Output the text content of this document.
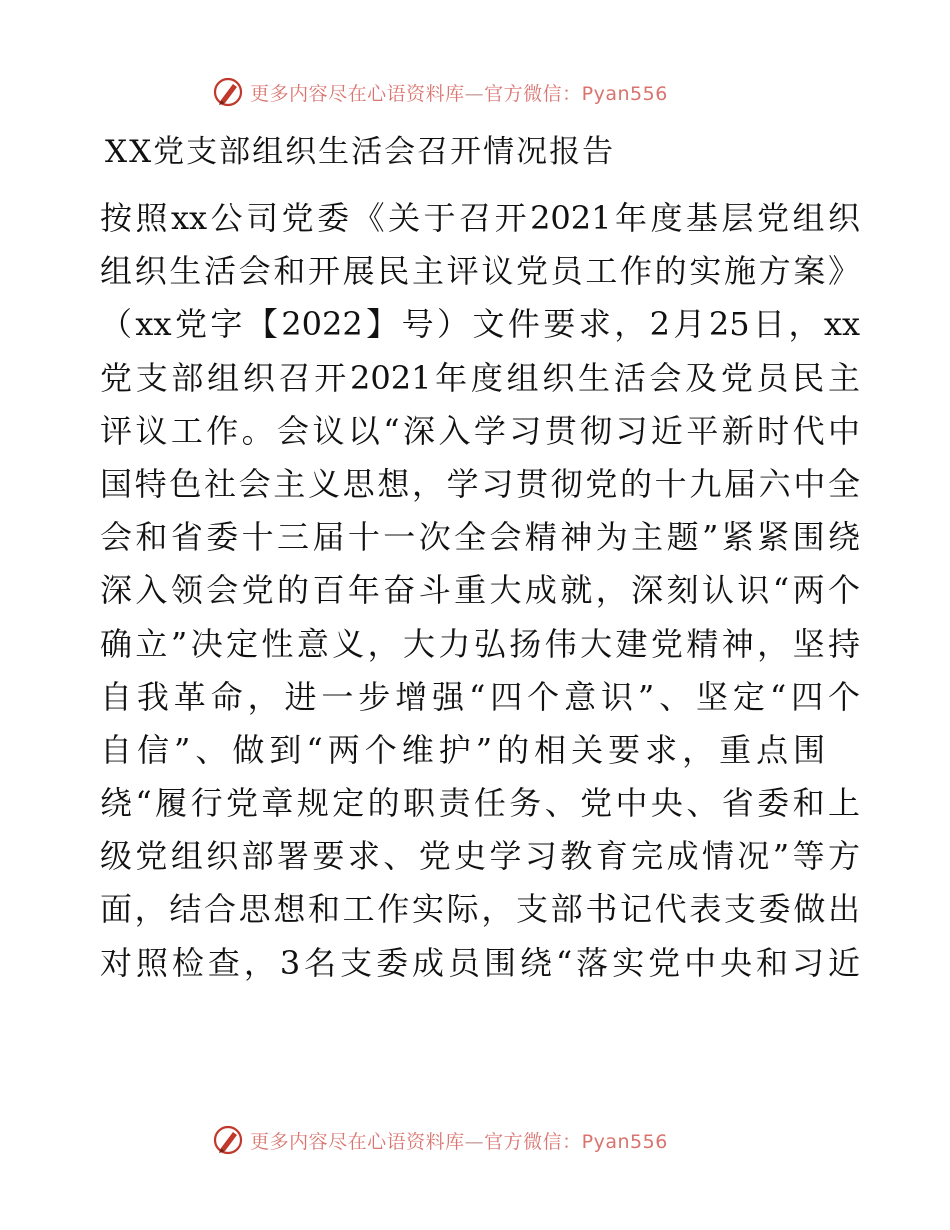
更多内容尽在心语资料库—官方微信：Pyan556
XX党支部组织生活会召开情况报告
按照xx公司党委《关于召开2021年度基层党组织
组织生活会和开展民主评议党员工作的实施方案》
（xx党字【2022】号）文件要求，2月25日，xx
党支部组织召开2021年度组织生活会及党员民主
评议工作。会议以“深入学习贯彻习近平新时代中
国特色社会主义思想，学习贯彻党的十九届六中全
会和省委十三届十一次全会精神为主题”紧紧围绕
深入领会党的百年奋斗重大成就，深刻认识“两个
确立”决定性意义，大力弘扬伟大建党精神，坚持
自我革命，进一步增强“四个意识”、坚定“四个
自信”、做到“两个维护”的相关要求，重点围
绕“履行党章规定的职责任务、党中央、省委和上
级党组织部署要求、党史学习教育完成情况”等方
面，结合思想和工作实际，支部书记代表支委做出
对照检查，3名支委成员围绕“落实党中央和习近
更多内容尽在心语资料库—官方微信：Pyan556
